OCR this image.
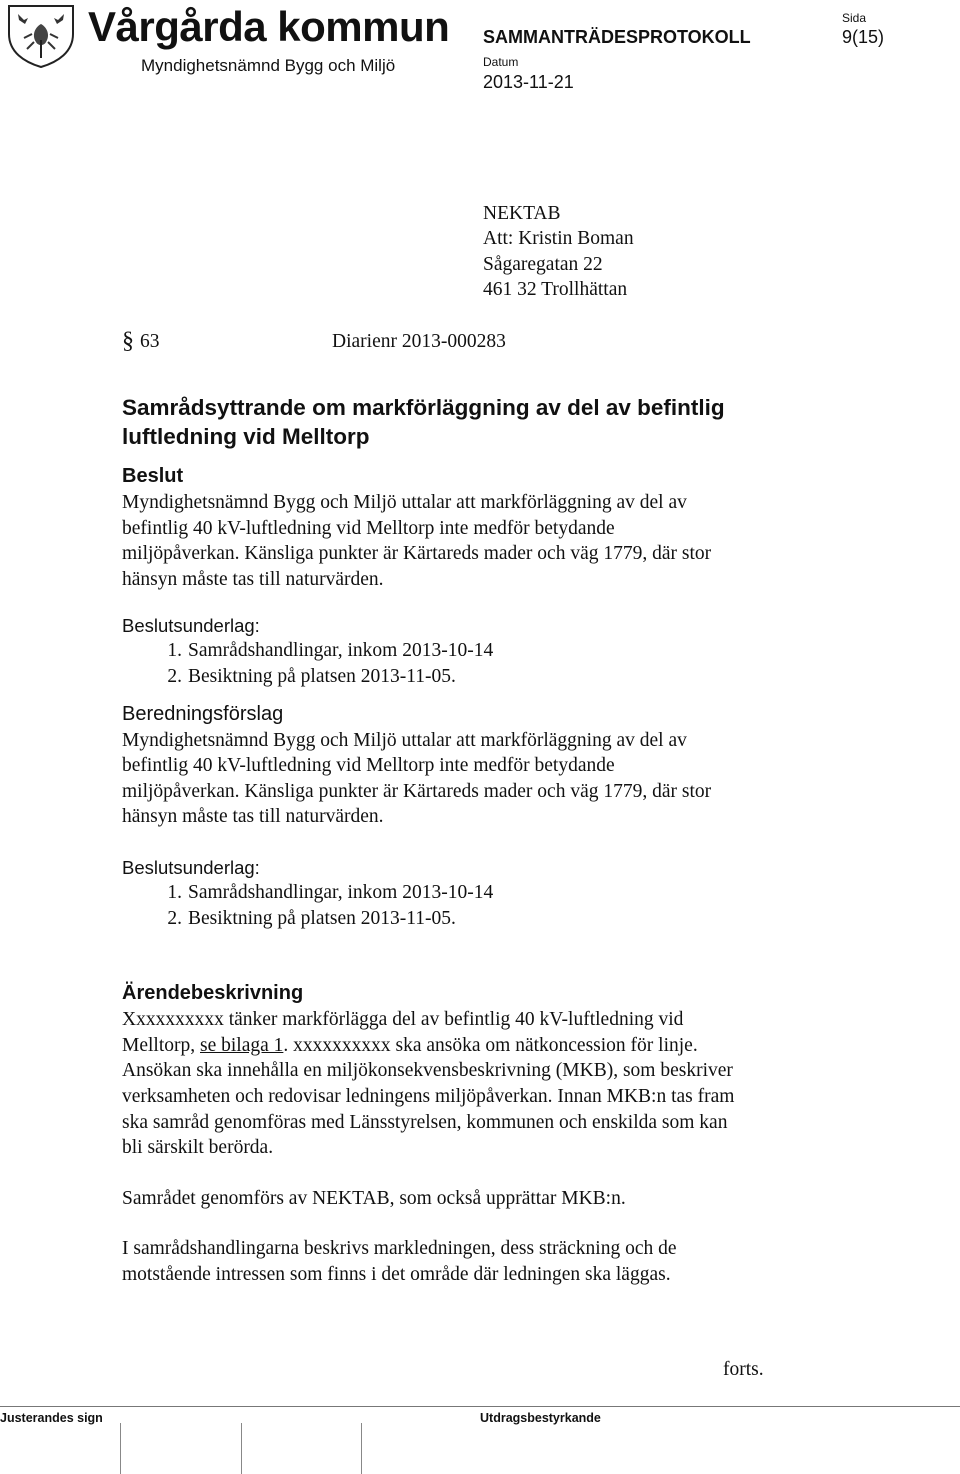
Vårgårda kommun
Myndighetsnämnd Bygg och Miljö
SAMMANTRÄDESPROTOKOLL
Datum
2013-11-21
Sida
9(15)
NEKTAB
Att: Kristin Boman
Sågaregatan 22
461 32 Trollhättan
§ 63	Diarienr 2013-000283
Samrådsyttrande om markförläggning av del av befintlig
luftledning vid Melltorp
Beslut
Myndighetsnämnd Bygg och Miljö uttalar att markförläggning av del av
befintlig 40 kV-luftledning vid Melltorp inte medför betydande
miljöpåverkan. Känsliga punkter är Kärtareds mader och väg 1779, där stor
hänsyn måste tas till naturvärden.
Beslutsunderlag:
1. Samrådshandlingar, inkom 2013-10-14
2. Besiktning på platsen 2013-11-05.
Beredningsförslag
Myndighetsnämnd Bygg och Miljö uttalar att markförläggning av del av
befintlig 40 kV-luftledning vid Melltorp inte medför betydande
miljöpåverkan. Känsliga punkter är Kärtareds mader och väg 1779, där stor
hänsyn måste tas till naturvärden.
Beslutsunderlag:
1. Samrådshandlingar, inkom 2013-10-14
2. Besiktning på platsen 2013-11-05.
Ärendebeskrivning
Xxxxxxxxxx tänker markförlägga del av befintlig 40 kV-luftledning vid
Melltorp, se bilaga 1. xxxxxxxxxx ska ansöka om nätkoncession för linje.
Ansökan ska innehålla en miljökonsekvensbeskrivning (MKB), som beskriver
verksamheten och redovisar ledningens miljöpåverkan. Innan MKB:n tas fram
ska samråd genomföras med Länsstyrelsen, kommunen och enskilda som kan
bli särskilt berörda.
Samrådet genomförs av NEKTAB, som också upprättar MKB:n.
I samrådshandlingarna beskrivs markledningen, dess sträckning och de
motstående intressen som finns i det område där ledningen ska läggas.
forts.
Justerandes sign	Utdragsbestyrkande
